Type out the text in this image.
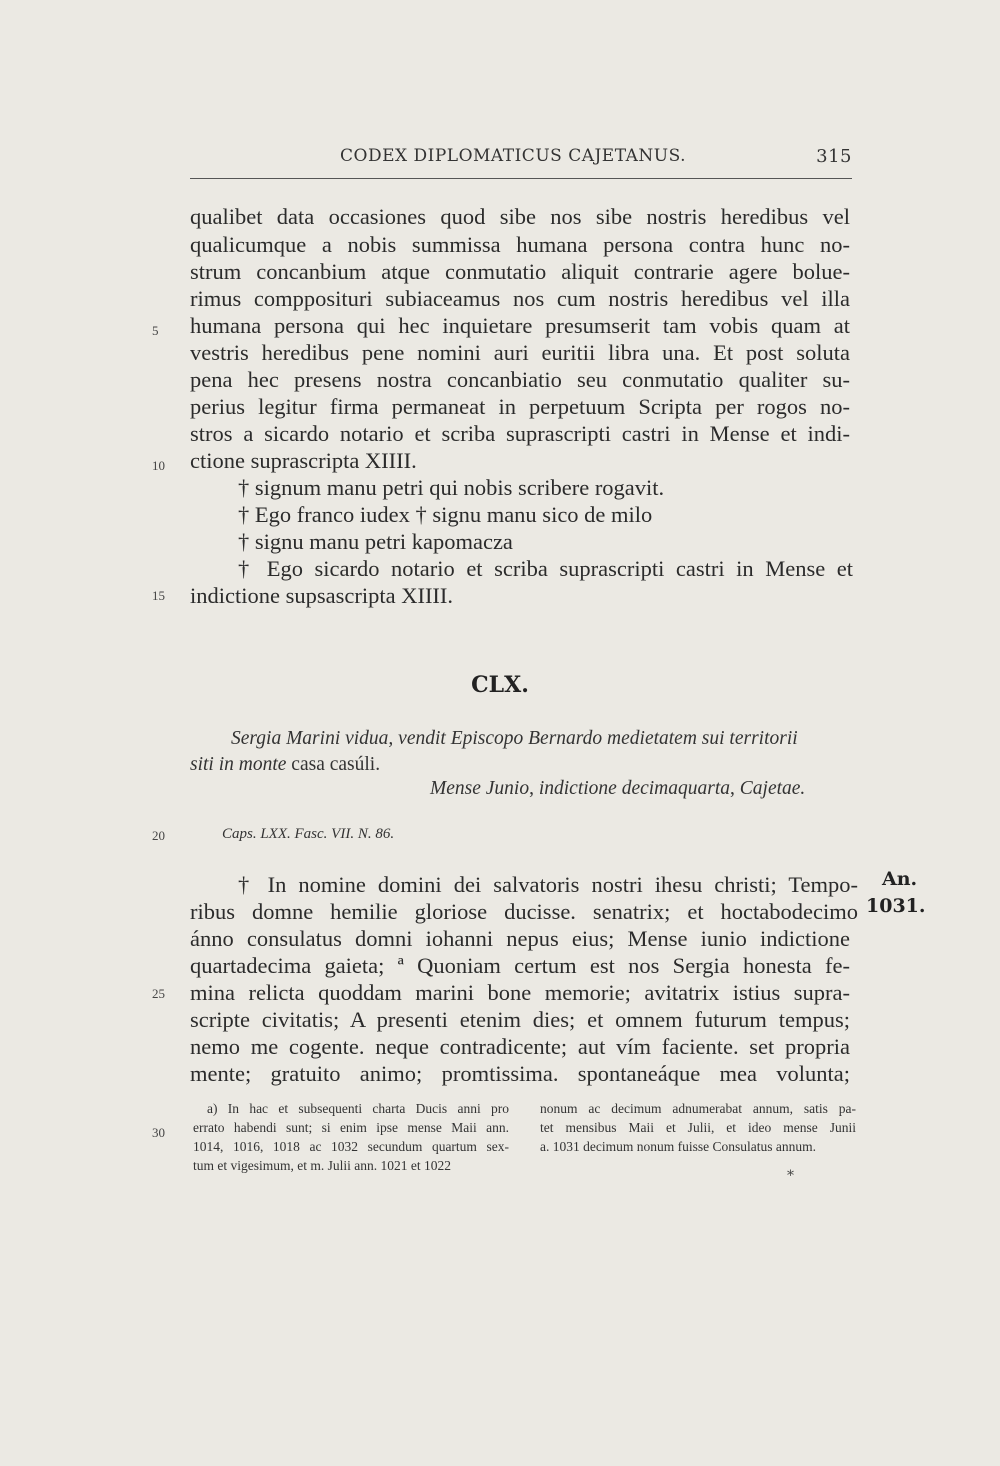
CODEX DIPLOMATICUS CAJETANUS.	315
qualibet data occasiones quod sibe nos sibe nostris heredibus vel
qualicumque a nobis summissa humana persona contra hunc no-
strum concanbium atque conmutatio aliquit contrarie agere bolue-
rimus compposituri subiaceamus nos cum nostris heredibus vel illa
humana persona qui hec inquietare presumserit tam vobis quam at
vestris heredibus pene nomini auri euritii libra una. Et post soluta
pena hec presens nostra concanbiatio seu conmutatio qualiter su-
perius legitur firma permaneat in perpetuum Scripta per rogos no-
stros a sicardo notario et scriba suprascripti castri in Mense et indi-
ctione suprascripta XIIII.
† signum manu petri qui nobis scribere rogavit.
† Ego franco iudex † signu manu sico de milo
† signu manu petri kapomacza
† Ego sicardo notario et scriba suprascripti castri in Mense et
indictione supsascripta XIIII.
5
10
15
20
25
30
CLX.
Sergia Marini vidua, vendit Episcopo Bernardo medietatem sui territorii
siti in monte casa casúli.
Mense Junio, indictione decimaquarta, Cajetae.
Caps. LXX. Fasc. VII. N. 86.
An.
1031.
† In nomine domini dei salvatoris nostri ihesu christi; Tempo-
ribus domne hemilie gloriose ducisse. senatrix; et hoctabodecimo
ánno consulatus domni iohanni nepus eius; Mense iunio indictione
quartadecima gaieta; ª Quoniam certum est nos Sergia honesta fe-
mina relicta quoddam marini bone memorie; avitatrix istius supra-
scripte civitatis; A presenti etenim dies; et omnem futurum tempus;
nemo me cogente. neque contradicente; aut vím faciente. set propria
mente; gratuito animo; promtissima. spontaneáque mea volunta;
a) In hac et subsequenti charta Ducis anni pro
errato habendi sunt; si enim ipse mense Maii ann.
1014, 1016, 1018 ac 1032 secundum quartum sex-
tum et vigesimum, et m. Julii ann. 1021 et 1022
nonum ac decimum adnumerabat annum, satis pa-
tet mensibus Maii et Julii, et ideo mense Junii
a. 1031 decimum nonum fuisse Consulatus annum.
*
